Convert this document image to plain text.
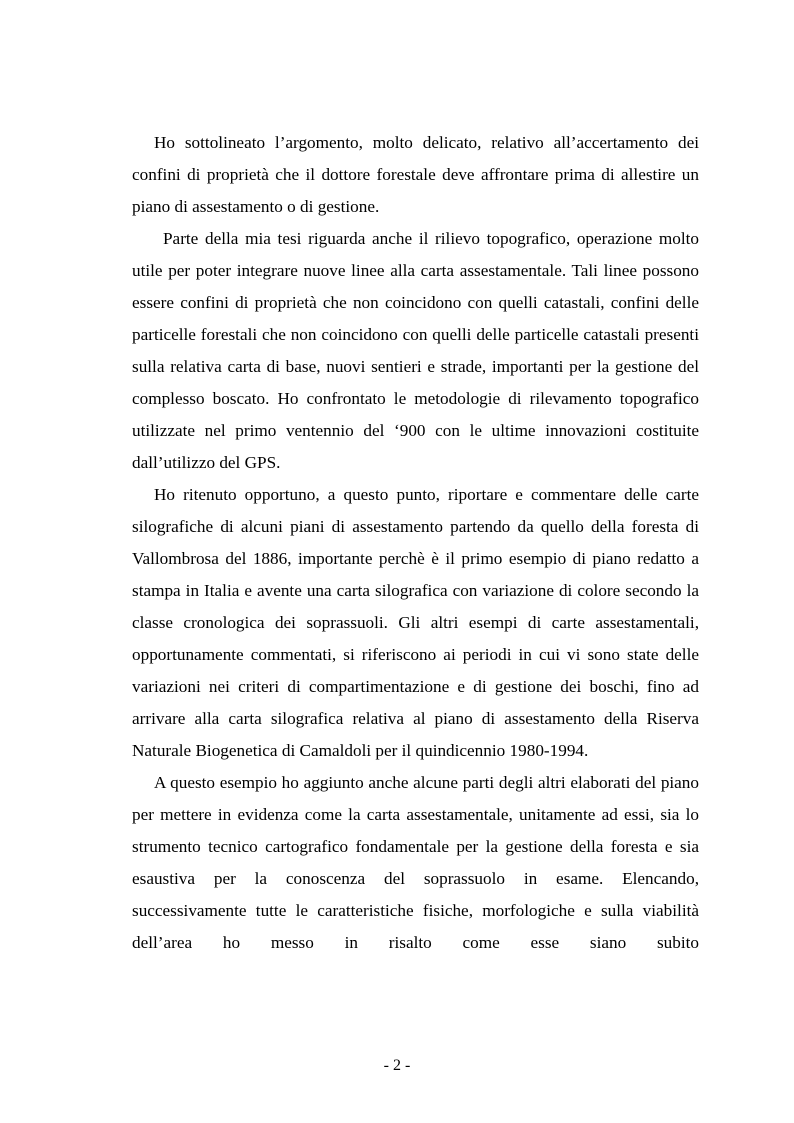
Ho sottolineato l’argomento, molto delicato, relativo all’accertamento dei confini di proprietà che il dottore forestale deve affrontare prima di allestire un piano di assestamento o di gestione.

Parte della mia tesi riguarda anche il rilievo topografico, operazione molto utile per poter integrare nuove linee alla carta assestamentale. Tali linee possono essere confini di proprietà che non coincidono con quelli catastali, confini delle particelle forestali che non coincidono con quelli delle particelle catastali presenti sulla relativa carta di base, nuovi sentieri e strade, importanti per la gestione del complesso boscato. Ho confrontato le metodologie di rilevamento topografico utilizzate nel primo ventennio del ‘900 con le ultime innovazioni costituite dall’utilizzo del GPS.

Ho ritenuto opportuno, a questo punto, riportare e commentare delle carte silografiche di alcuni piani di assestamento partendo da quello della foresta di Vallombrosa del 1886, importante perchè è il primo esempio di piano redatto a stampa in Italia e avente una carta silografica con variazione di colore secondo la classe cronologica dei soprassuoli. Gli altri esempi di carte assestamentali, opportunamente commentati, si riferiscono ai periodi in cui vi sono state delle variazioni nei criteri di compartimentazione e di gestione dei boschi, fino ad arrivare alla carta silografica relativa al piano di assestamento della Riserva Naturale Biogenetica di Camaldoli per il quindicennio 1980-1994.

A questo esempio ho aggiunto anche alcune parti degli altri elaborati del piano per mettere in evidenza come la carta assestamentale, unitamente ad essi, sia lo strumento tecnico cartografico fondamentale per la gestione della foresta e sia esaustiva per la conoscenza del soprassuolo in esame. Elencando, successivamente tutte le caratteristiche fisiche, morfologiche e sulla viabilità dell’area ho messo in risalto come esse siano subito

- 2 -
